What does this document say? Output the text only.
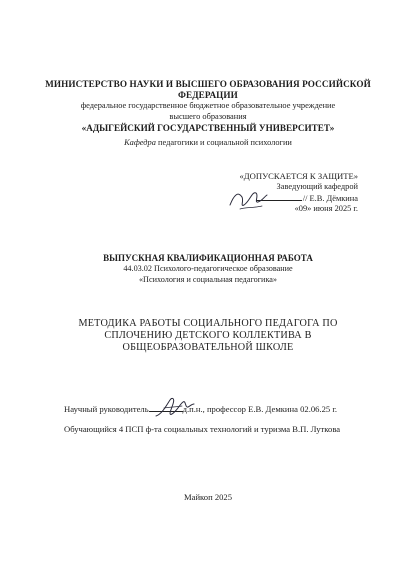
МИНИСТЕРСТВО НАУКИ И ВЫСШЕГО ОБРАЗОВАНИЯ РОССИЙСКОЙ
ФЕДЕРАЦИИ
федеральное государственное бюджетное образовательное учреждение
высшего образования
«АДЫГЕЙСКИЙ ГОСУДАРСТВЕННЫЙ УНИВЕРСИТЕТ»
Кафедра педагогики и социальной психологии
«ДОПУСКАЕТСЯ К ЗАЩИТЕ»
Заведующий кафедрой
// Е.В. Дёмкина
«09» июня 2025 г.
ВЫПУСКНАЯ КВАЛИФИКАЦИОННАЯ РАБОТА
44.03.02 Психолого-педагогическое образование
«Психология и социальная педагогика»
МЕТОДИКА РАБОТЫ СОЦИАЛЬНОГО ПЕДАГОГА ПО
СПЛОЧЕНИЮ ДЕТСКОГО КОЛЛЕКТИВА В
ОБЩЕОБРАЗОВАТЕЛЬНОЙ ШКОЛЕ
Научный руководитель	д.п.н., профессор Е.В. Демкина 02.06.25 г.
Обучающийся 4 ПСП ф-та социальных технологий и туризма В.П. Луткова
Майкоп 2025
